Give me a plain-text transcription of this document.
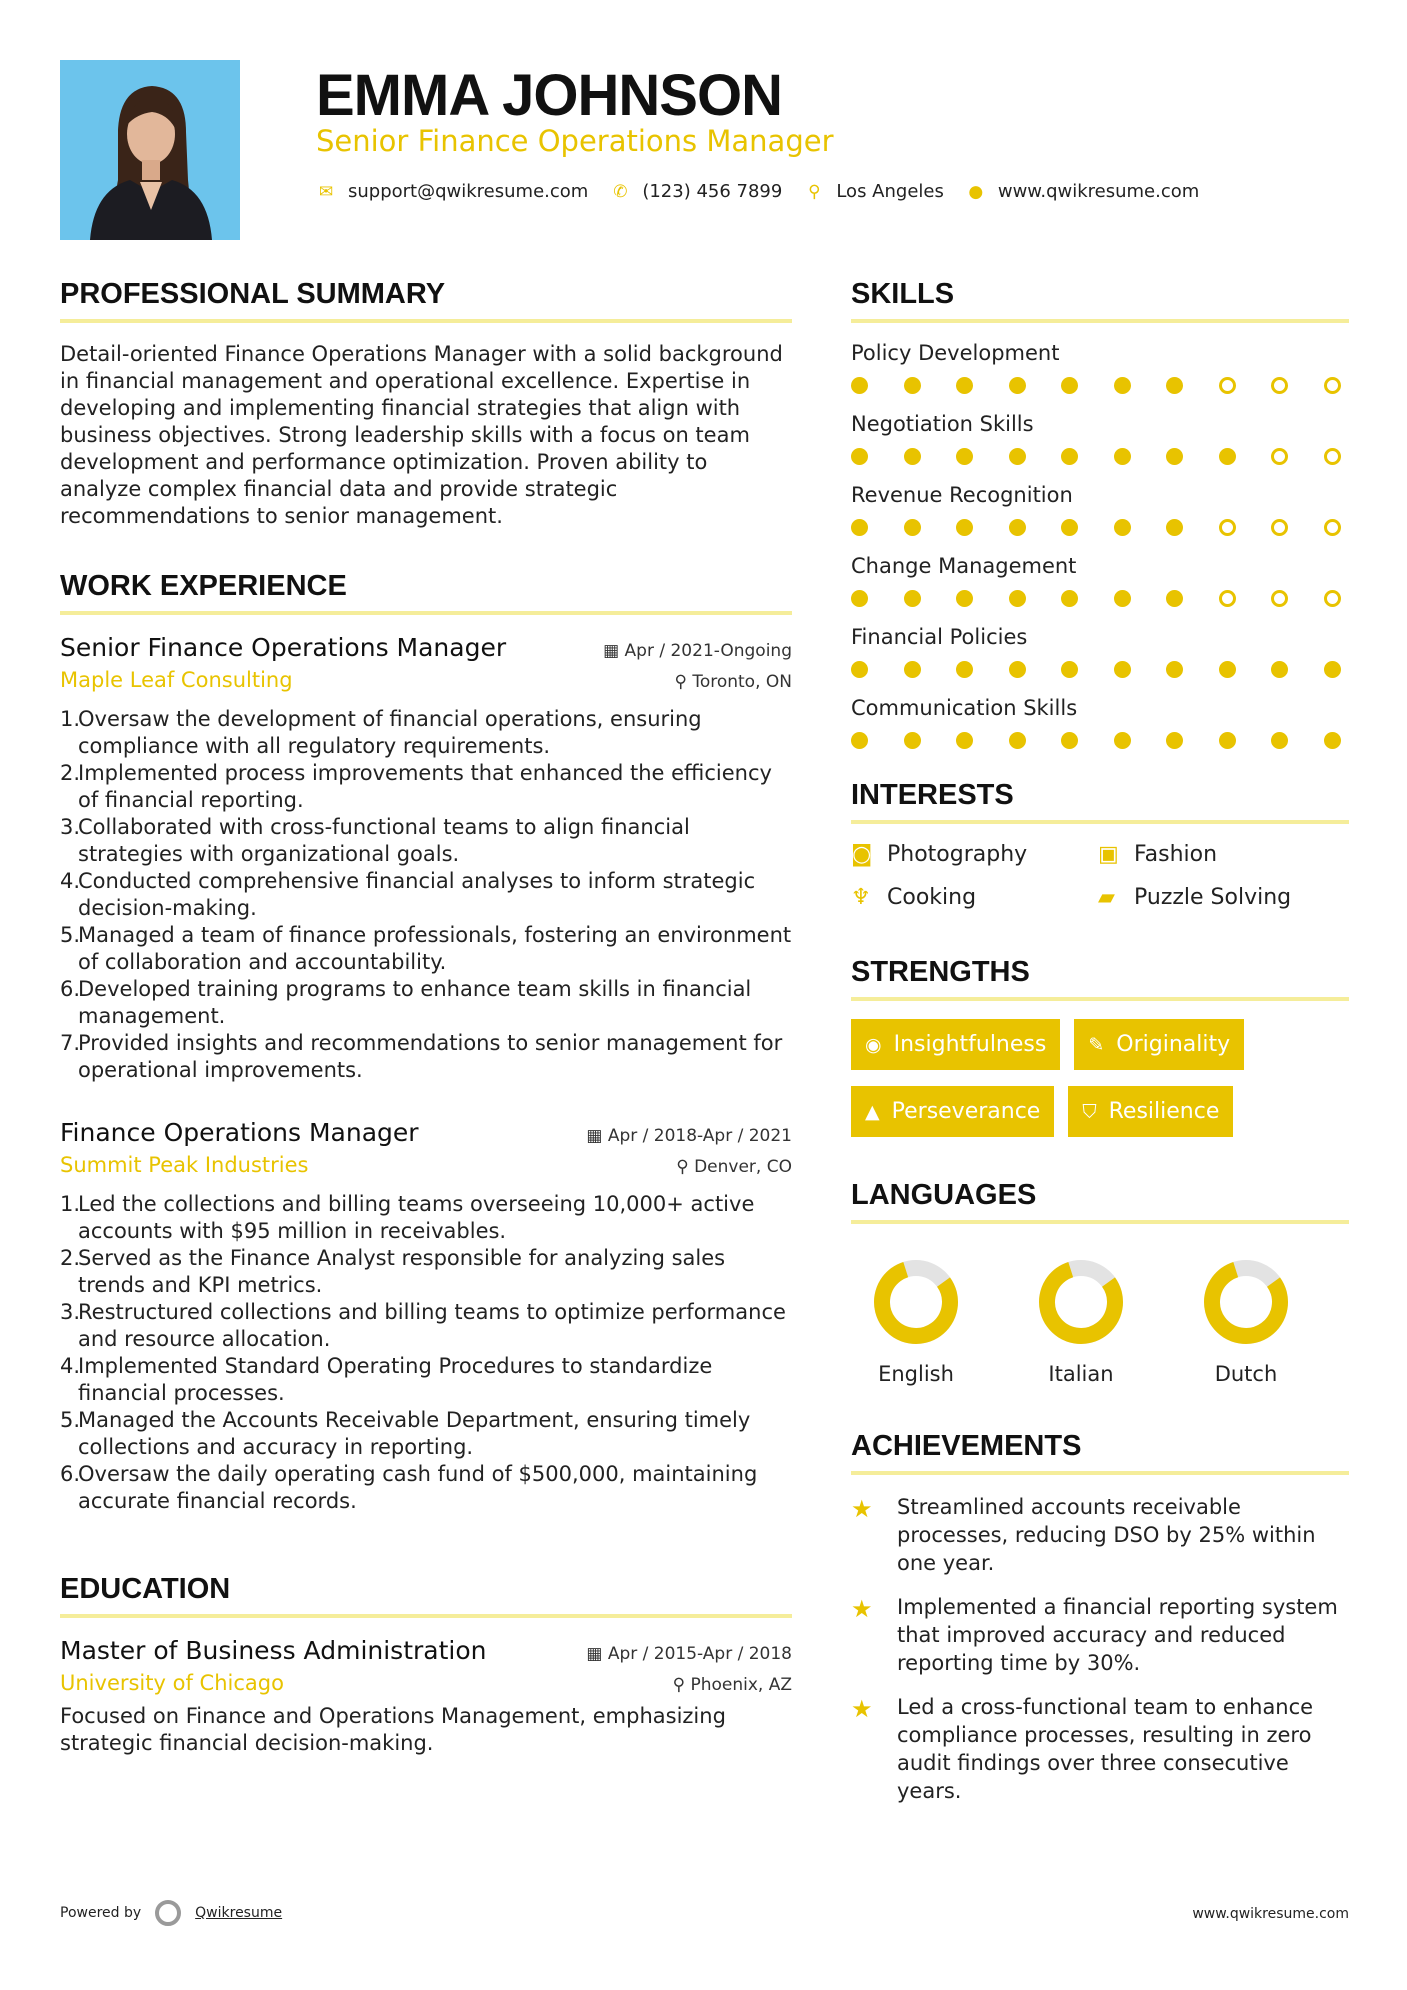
EMMA JOHNSON
Senior Finance Operations Manager
✉ support@qwikresume.com ✆ (123) 456 7899 ⚲ Los Angeles ● www.qwikresume.com
PROFESSIONAL SUMMARY
Detail-oriented Finance Operations Manager with a solid background in financial management and operational excellence. Expertise in developing and implementing financial strategies that align with business objectives. Strong leadership skills with a focus on team development and performance optimization. Proven ability to analyze complex financial data and provide strategic recommendations to senior management.
WORK EXPERIENCE
Senior Finance Operations Manager	▦ Apr / 2021-Ongoing
Maple Leaf Consulting	⚲ Toronto, ON
1.
Oversaw the development of financial operations, ensuring compliance with all regulatory requirements.
2.
Implemented process improvements that enhanced the efficiency of financial reporting.
3.
Collaborated with cross-functional teams to align financial strategies with organizational goals.
4.
Conducted comprehensive financial analyses to inform strategic decision-making.
5.
Managed a team of finance professionals, fostering an environment of collaboration and accountability.
6.
Developed training programs to enhance team skills in financial management.
7.
Provided insights and recommendations to senior management for operational improvements.
Finance Operations Manager	▦ Apr / 2018-Apr / 2021
Summit Peak Industries	⚲ Denver, CO
1.
Led the collections and billing teams overseeing 10,000+ active accounts with $95 million in receivables.
2.
Served as the Finance Analyst responsible for analyzing sales trends and KPI metrics.
3.
Restructured collections and billing teams to optimize performance and resource allocation.
4.
Implemented Standard Operating Procedures to standardize financial processes.
5.
Managed the Accounts Receivable Department, ensuring timely collections and accuracy in reporting.
6.
Oversaw the daily operating cash fund of $500,000, maintaining accurate financial records.
EDUCATION
Master of Business Administration	▦ Apr / 2015-Apr / 2018
University of Chicago	⚲ Phoenix, AZ
Focused on Finance and Operations Management, emphasizing strategic financial decision-making.
SKILLS
Policy Development
Negotiation Skills
Revenue Recognition
Change Management
Financial Policies
Communication Skills
INTERESTS
◙ Photography	▣ Fashion
♆ Cooking	▰ Puzzle Solving
STRENGTHS
◉ Insightfulness ✎ Originality
▲ Perseverance ⛉ Resilience
LANGUAGES
English	Italian	Dutch
ACHIEVEMENTS
★	Streamlined accounts receivable processes, reducing DSO by 25% within one year.
★	Implemented a financial reporting system that improved accuracy and reduced reporting time by 30%.
★	Led a cross-functional team to enhance compliance processes, resulting in zero audit findings over three consecutive years.
Powered by	Qwikresume	www.qwikresume.com
